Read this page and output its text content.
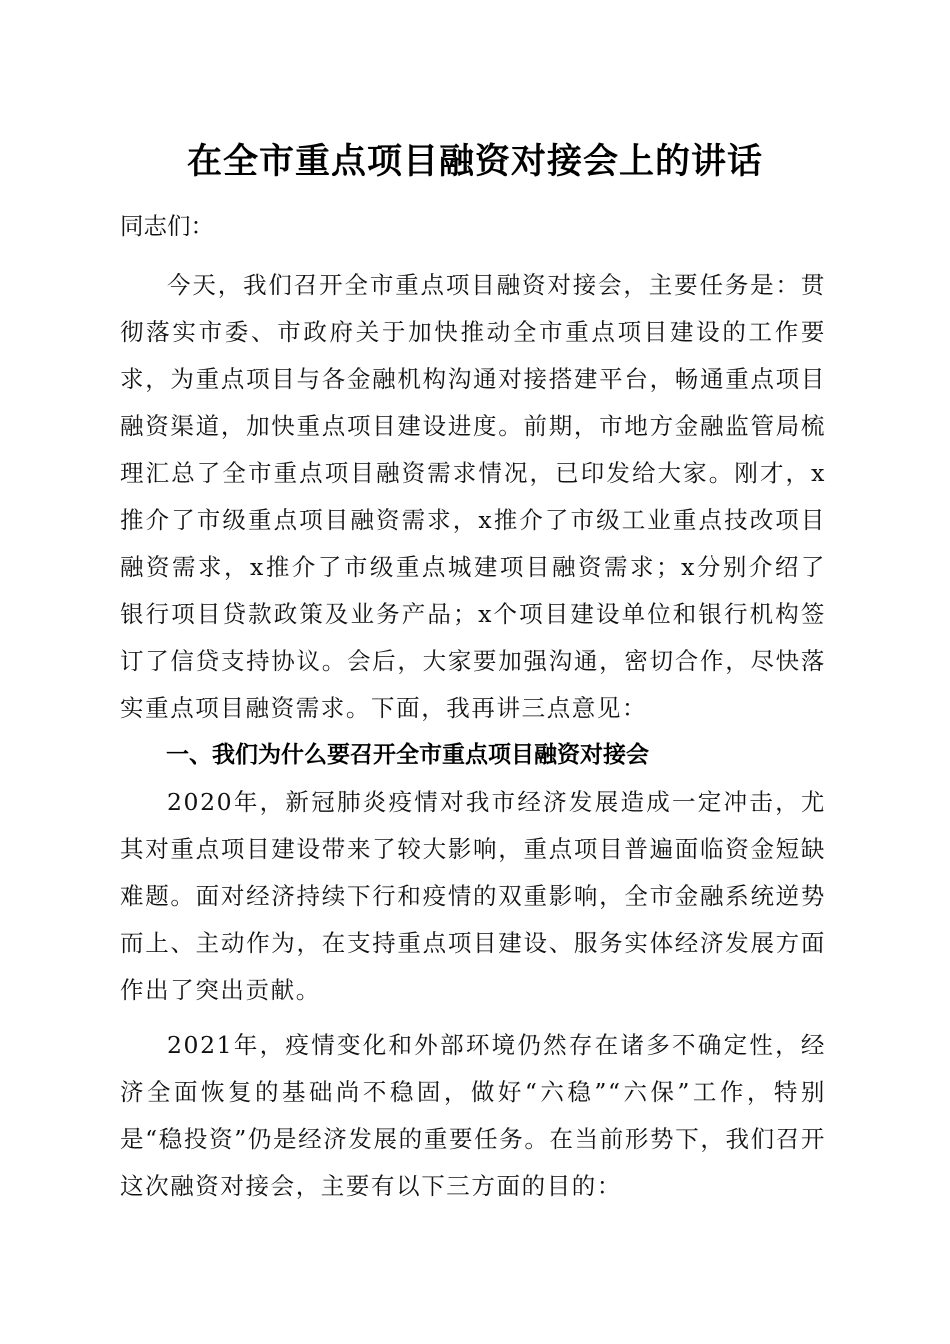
在全市重点项目融资对接会上的讲话

同志们：

今天，我们召开全市重点项目融资对接会，主要任务是：贯彻落实市委、市政府关于加快推动全市重点项目建设的工作要求，为重点项目与各金融机构沟通对接搭建平台，畅通重点项目融资渠道，加快重点项目建设进度。前期，市地方金融监管局梳理汇总了全市重点项目融资需求情况，已印发给大家。刚才，x推介了市级重点项目融资需求，x推介了市级工业重点技改项目融资需求，x推介了市级重点城建项目融资需求；x分别介绍了银行项目贷款政策及业务产品；x个项目建设单位和银行机构签订了信贷支持协议。会后，大家要加强沟通，密切合作，尽快落实重点项目融资需求。下面，我再讲三点意见：

一、我们为什么要召开全市重点项目融资对接会

2020年，新冠肺炎疫情对我市经济发展造成一定冲击，尤其对重点项目建设带来了较大影响，重点项目普遍面临资金短缺难题。面对经济持续下行和疫情的双重影响，全市金融系统逆势而上、主动作为，在支持重点项目建设、服务实体经济发展方面作出了突出贡献。

2021年，疫情变化和外部环境仍然存在诸多不确定性，经济全面恢复的基础尚不稳固，做好“六稳”“六保”工作，特别是“稳投资”仍是经济发展的重要任务。在当前形势下，我们召开这次融资对接会，主要有以下三方面的目的：
